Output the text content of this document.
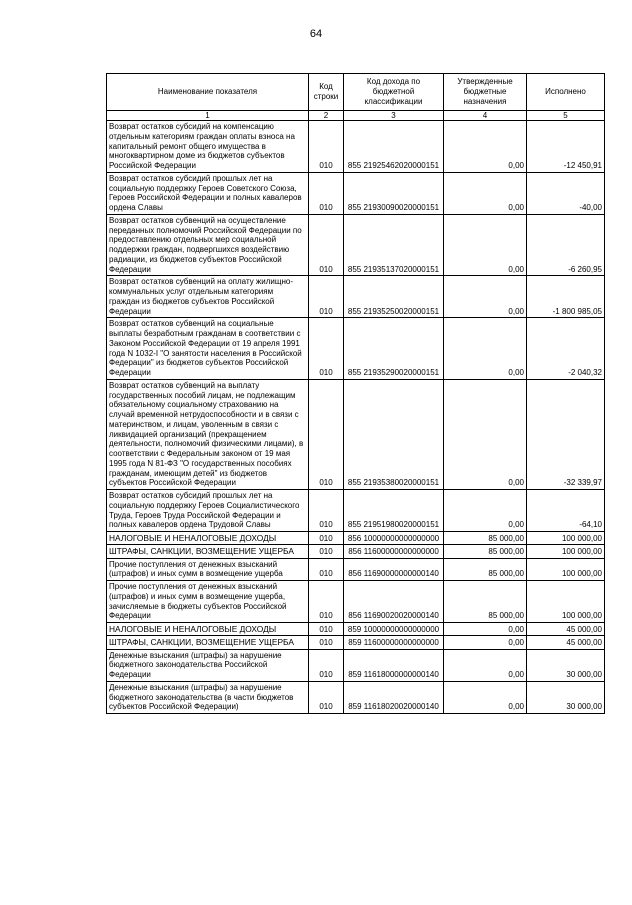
64
Наименование показателя	Код строки	Код дохода по бюджетной классификации	Утвержденные бюджетные назначения	Исполнено
1	2	3	4	5
Возврат остатков субсидий на компенсацию отдельным категориям граждан оплаты взноса на капитальный ремонт общего имущества в многоквартирном доме из бюджетов субъектов Российской Федерации	010	855 21925462020000151	0,00	-12 450,91
Возврат остатков субсидий прошлых лет на социальную поддержку Героев Советского Союза, Героев Российской Федерации и полных кавалеров ордена Славы	010	855 21930090020000151	0,00	-40,00
Возврат остатков субвенций на осуществление переданных полномочий Российской Федерации по предоставлению отдельных мер социальной поддержки граждан, подвергшихся воздействию радиации, из бюджетов субъектов Российской Федерации	010	855 21935137020000151	0,00	-6 260,95
Возврат остатков субвенций на оплату жилищно-коммунальных услуг отдельным категориям граждан из бюджетов субъектов Российской Федерации	010	855 21935250020000151	0,00	-1 800 985,05
Возврат остатков субвенций на социальные выплаты безработным гражданам в соответствии с Законом Российской Федерации от 19 апреля 1991 года N 1032-I "О занятости населения в Российской Федерации" из бюджетов субъектов Российской Федерации	010	855 21935290020000151	0,00	-2 040,32
Возврат остатков субвенций на выплату государственных пособий лицам, не подлежащим обязательному социальному страхованию на случай временной нетрудоспособности и в связи с материнством, и лицам, уволенным в связи с ликвидацией организаций (прекращением деятельности, полномочий физическими лицами), в соответствии с Федеральным законом от 19 мая 1995 года N 81-ФЗ "О государственных пособиях гражданам, имеющим детей" из бюджетов субъектов Российской Федерации	010	855 21935380020000151	0,00	-32 339,97
Возврат остатков субсидий прошлых лет на социальную поддержку Героев Социалистического Труда, Героев Труда Российской Федерации и полных кавалеров ордена Трудовой Славы	010	855 21951980020000151	0,00	-64,10
НАЛОГОВЫЕ И НЕНАЛОГОВЫЕ ДОХОДЫ	010	856 10000000000000000	85 000,00	100 000,00
ШТРАФЫ, САНКЦИИ, ВОЗМЕЩЕНИЕ УЩЕРБА	010	856 11600000000000000	85 000,00	100 000,00
Прочие поступления от денежных взысканий (штрафов) и иных сумм в возмещение ущерба	010	856 11690000000000140	85 000,00	100 000,00
Прочие поступления от денежных взысканий (штрафов) и иных сумм в возмещение ущерба, зачисляемые в бюджеты субъектов Российской Федерации	010	856 11690020020000140	85 000,00	100 000,00
НАЛОГОВЫЕ И НЕНАЛОГОВЫЕ ДОХОДЫ	010	859 10000000000000000	0,00	45 000,00
ШТРАФЫ, САНКЦИИ, ВОЗМЕЩЕНИЕ УЩЕРБА	010	859 11600000000000000	0,00	45 000,00
Денежные взыскания (штрафы) за нарушение бюджетного законодательства Российской Федерации	010	859 11618000000000140	0,00	30 000,00
Денежные взыскания (штрафы) за нарушение бюджетного законодательства (в части бюджетов субъектов Российской Федерации)	010	859 11618020020000140	0,00	30 000,00
